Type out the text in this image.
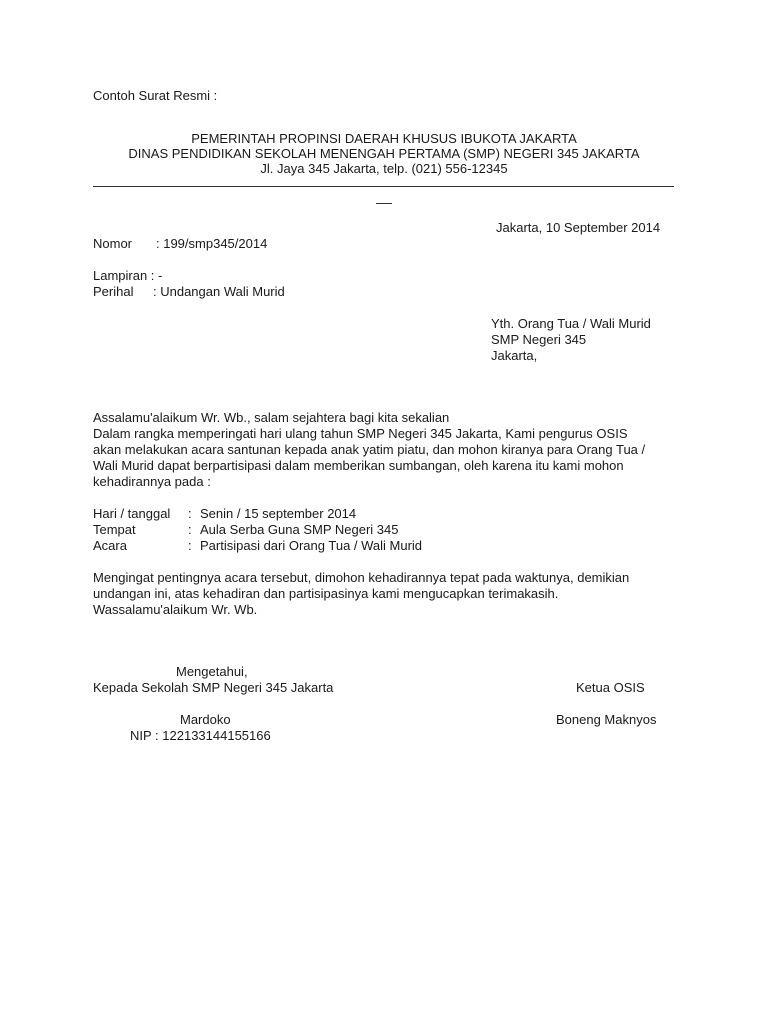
Contoh Surat Resmi :
PEMERINTAH PROPINSI DAERAH KHUSUS IBUKOTA JAKARTA
DINAS PENDIDIKAN SEKOLAH MENENGAH PERTAMA (SMP) NEGERI 345 JAKARTA
Jl. Jaya 345 Jakarta, telp. (021) 556-12345
Jakarta, 10 September 2014
Nomor : 199/smp345/2014
Lampiran : -
Perihal : Undangan Wali Murid
Yth. Orang Tua / Wali Murid
SMP Negeri 345
Jakarta,
Assalamu'alaikum Wr. Wb., salam sejahtera bagi kita sekalian
Dalam rangka memperingati hari ulang tahun SMP Negeri 345 Jakarta, Kami pengurus OSIS
akan melakukan acara santunan kepada anak yatim piatu, dan mohon kiranya para Orang Tua /
Wali Murid dapat berpartisipasi dalam memberikan sumbangan, oleh karena itu kami mohon
kehadirannya pada :
Hari / tanggal : Senin / 15 september 2014
Tempat	: Aula Serba Guna SMP Negeri 345
Acara	: Partisipasi dari Orang Tua / Wali Murid
Mengingat pentingnya acara tersebut, dimohon kehadirannya tepat pada waktunya, demikian
undangan ini, atas kehadiran dan partisipasinya kami mengucapkan terimakasih.
Wassalamu'alaikum Wr. Wb.
Mengetahui,
Kepada Sekolah SMP Negeri 345 Jakarta
Mardoko
NIP : 122133144155166
Ketua OSIS
Boneng Maknyos
